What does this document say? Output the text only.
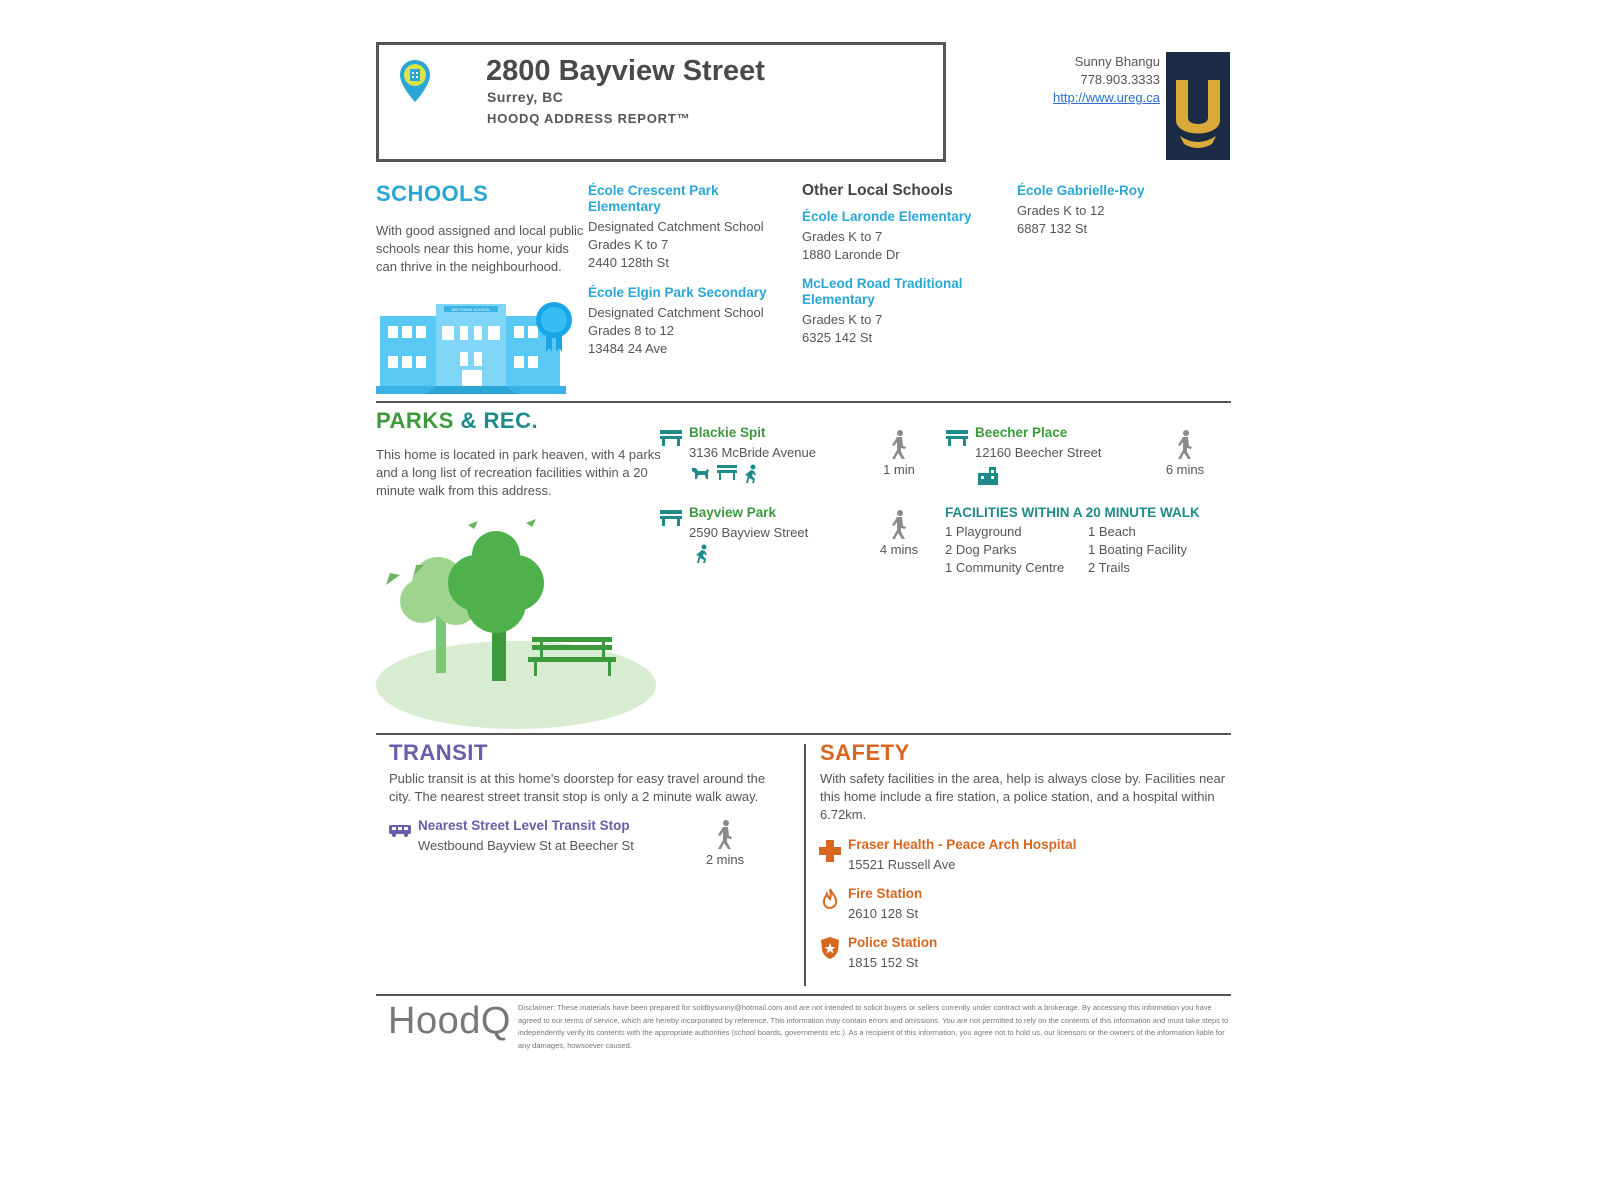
2800 Bayview Street
Surrey, BC
HOODQ ADDRESS REPORT™
Sunny Bhangu
778.903.3333
http://www.ureg.ca
SCHOOLS
With good assigned and local public schools near this home, your kids can thrive in the neighbourhood.
ANYTHING SCHOOL
École Crescent Park Elementary
Designated Catchment School
Grades K to 7
2440 128th St
École Elgin Park Secondary
Designated Catchment School
Grades 8 to 12
13484 24 Ave
Other Local Schools
École Laronde Elementary
Grades K to 7
1880 Laronde Dr
McLeod Road Traditional Elementary
Grades K to 7
6325 142 St
École Gabrielle-Roy
Grades K to 12
6887 132 St
PARKS & REC.
This home is located in park heaven, with 4 parks and a long list of recreation facilities within a 20 minute walk from this address.
Blackie Spit
3136 McBride Avenue
1 min
Bayview Park
2590 Bayview Street
4 mins
Beecher Place
12160 Beecher Street
6 mins
FACILITIES WITHIN A 20 MINUTE WALK
1 Playground
2 Dog Parks
1 Community Centre
1 Beach
1 Boating Facility
2 Trails
TRANSIT
Public transit is at this home's doorstep for easy travel around the city. The nearest street transit stop is only a 2 minute walk away.
Nearest Street Level Transit Stop
Westbound Bayview St at Beecher St
2 mins
SAFETY
With safety facilities in the area, help is always close by. Facilities near this home include a fire station, a police station, and a hospital within 6.72km.
Fraser Health - Peace Arch Hospital
15521 Russell Ave
Fire Station
2610 128 St
Police Station
1815 152 St
HoodQ Disclaimer: These materials have been prepared for soldbysunny@hotmail.com and are not intended to solicit buyers or sellers currently under contract with a brokerage. By accessing this information you have agreed to our terms of service, which are hereby incorporated by reference. This information may contain errors and omissions. You are not permitted to rely on the contents of this information and must take steps to independently verify its contents with the appropriate authorities (school boards, governments etc.). As a recipient of this information, you agree not to hold us, our licensors or the owners of the information liable for any damages, howsoever caused.
